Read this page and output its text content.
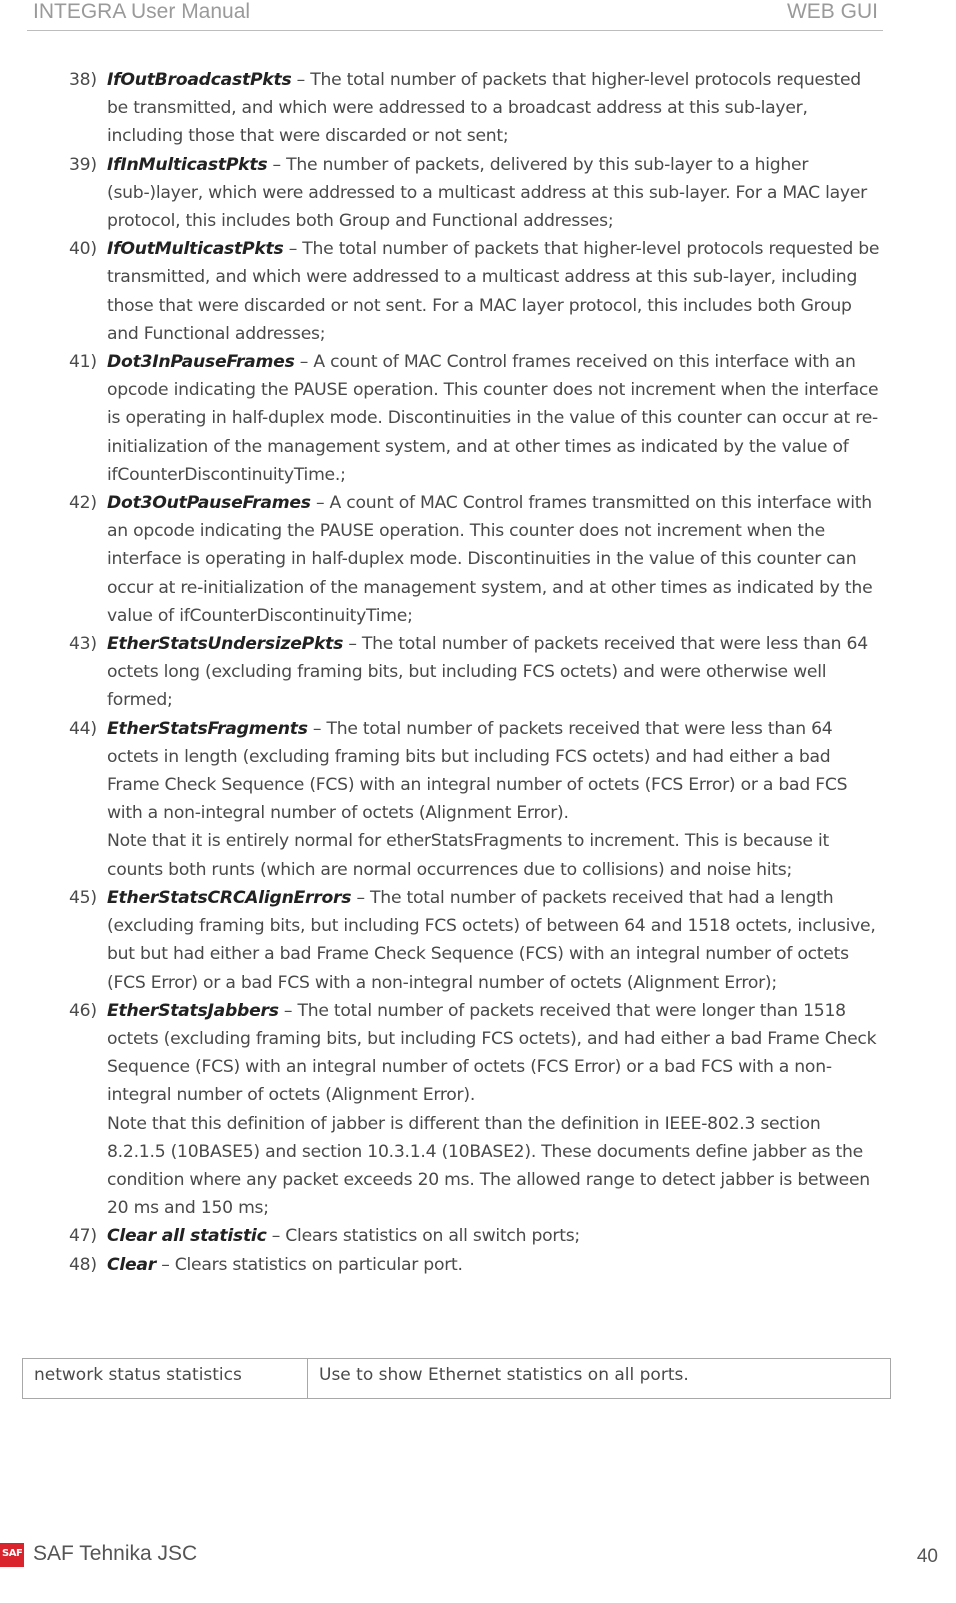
INTEGRA User Manual	WEB GUI
38) IfOutBroadcastPkts – The total number of packets that higher-level protocols requested be transmitted, and which were addressed to a broadcast address at this sub-layer, including those that were discarded or not sent;
39) IfInMulticastPkts – The number of packets, delivered by this sub-layer to a higher (sub-)layer, which were addressed to a multicast address at this sub-layer. For a MAC layer protocol, this includes both Group and Functional addresses;
40) IfOutMulticastPkts – The total number of packets that higher-level protocols requested be transmitted, and which were addressed to a multicast address at this sub-layer, including those that were discarded or not sent. For a MAC layer protocol, this includes both Group and Functional addresses;
41) Dot3InPauseFrames – A count of MAC Control frames received on this interface with an opcode indicating the PAUSE operation. This counter does not increment when the interface is operating in half-duplex mode. Discontinuities in the value of this counter can occur at re-initialization of the management system, and at other times as indicated by the value of ifCounterDiscontinuityTime.;
42) Dot3OutPauseFrames – A count of MAC Control frames transmitted on this interface with an opcode indicating the PAUSE operation. This counter does not increment when the interface is operating in half-duplex mode. Discontinuities in the value of this counter can occur at re-initialization of the management system, and at other times as indicated by the value of ifCounterDiscontinuityTime;
43) EtherStatsUndersizePkts – The total number of packets received that were less than 64 octets long (excluding framing bits, but including FCS octets) and were otherwise well formed;
44) EtherStatsFragments – The total number of packets received that were less than 64 octets in length (excluding framing bits but including FCS octets) and had either a bad Frame Check Sequence (FCS) with an integral number of octets (FCS Error) or a bad FCS with a non-integral number of octets (Alignment Error).
Note that it is entirely normal for etherStatsFragments to increment. This is because it counts both runts (which are normal occurrences due to collisions) and noise hits;
45) EtherStatsCRCAlignErrors – The total number of packets received that had a length (excluding framing bits, but including FCS octets) of between 64 and 1518 octets, inclusive, but but had either a bad Frame Check Sequence (FCS) with an integral number of octets (FCS Error) or a bad FCS with a non-integral number of octets (Alignment Error);
46) EtherStatsJabbers – The total number of packets received that were longer than 1518 octets (excluding framing bits, but including FCS octets), and had either a bad Frame Check Sequence (FCS) with an integral number of octets (FCS Error) or a bad FCS with a non-integral number of octets (Alignment Error).
Note that this definition of jabber is different than the definition in IEEE-802.3 section 8.2.1.5 (10BASE5) and section 10.3.1.4 (10BASE2). These documents define jabber as the condition where any packet exceeds 20 ms. The allowed range to detect jabber is between 20 ms and 150 ms;
47) Clear all statistic – Clears statistics on all switch ports;
48) Clear – Clears statistics on particular port.
network status statistics	Use to show Ethernet statistics on all ports.
SAF SAF Tehnika JSC	40
